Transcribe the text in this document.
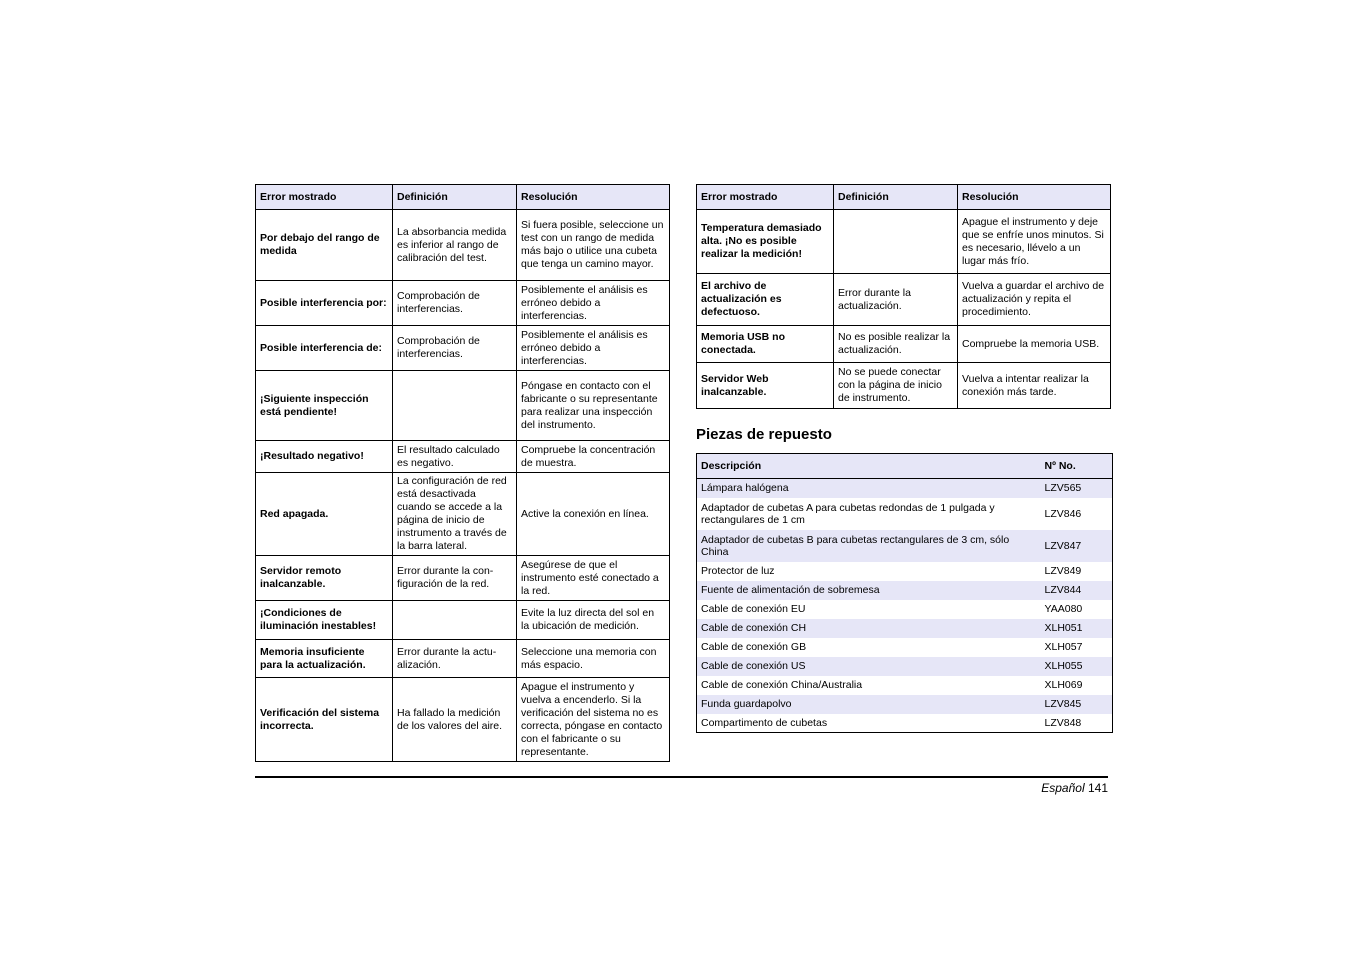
Error mostrado	Definición	Resolución
Por debajo del rango de medida	La absorbancia medida es inferior al rango de calibración del test.	Si fuera posible, seleccione un test con un rango de medida más bajo o utilice una cubeta que tenga un camino mayor.
Posible interferencia por:	Comprobación de interferencias.	Posiblemente el análisis es erróneo debido a interferencias.
Posible interferencia de:	Comprobación de interferencias.	Posiblemente el análisis es erróneo debido a interferencias.
¡Siguiente inspección está pendiente!		Póngase en contacto con el fabricante o su representante para realizar una inspección del instrumento.
¡Resultado negativo!	El resultado calculado es negativo.	Compruebe la concentración de muestra.
Red apagada.	La configuración de red está desactivada cuando se accede a la página de inicio de instrumento a través de la barra lateral.	Active la conexión en línea.
Servidor remoto inalcanzable.	Error durante la con-figuración de la red.	Asegúrese de que el instrumento esté conectado a la red.
¡Condiciones de iluminación inestables!		Evite la luz directa del sol en la ubicación de medición.
Memoria insuficiente para la actualización.	Error durante la actu-alización.	Seleccione una memoria con más espacio.
Verificación del sistema incorrecta.	Ha fallado la medición de los valores del aire.	Apague el instrumento y vuelva a encenderlo. Si la verificación del sistema no es correcta, póngase en contacto con el fabricante o su representante.
Error mostrado	Definición	Resolución
Temperatura demasiado alta. ¡No es posible realizar la medición!		Apague el instrumento y deje que se enfríe unos minutos. Si es necesario, llévelo a un lugar más frío.
El archivo de actualización es defectuoso.	Error durante la actualización.	Vuelva a guardar el archivo de actualización y repita el procedimiento.
Memoria USB no conectada.	No es posible realizar la actualización.	Compruebe la memoria USB.
Servidor Web inalcanzable.	No se puede conectar con la página de inicio de instrumento.	Vuelva a intentar realizar la conexión más tarde.
Piezas de repuesto
Descripción	Nº No.
Lámpara halógena	LZV565
Adaptador de cubetas A para cubetas redondas de 1 pulgada y rectangulares de 1 cm	LZV846
Adaptador de cubetas B para cubetas rectangulares de 3 cm, sólo China	LZV847
Protector de luz	LZV849
Fuente de alimentación de sobremesa	LZV844
Cable de conexión EU	YAA080
Cable de conexión CH	XLH051
Cable de conexión GB	XLH057
Cable de conexión US	XLH055
Cable de conexión China/Australia	XLH069
Funda guardapolvo	LZV845
Compartimento de cubetas	LZV848
Español 141
